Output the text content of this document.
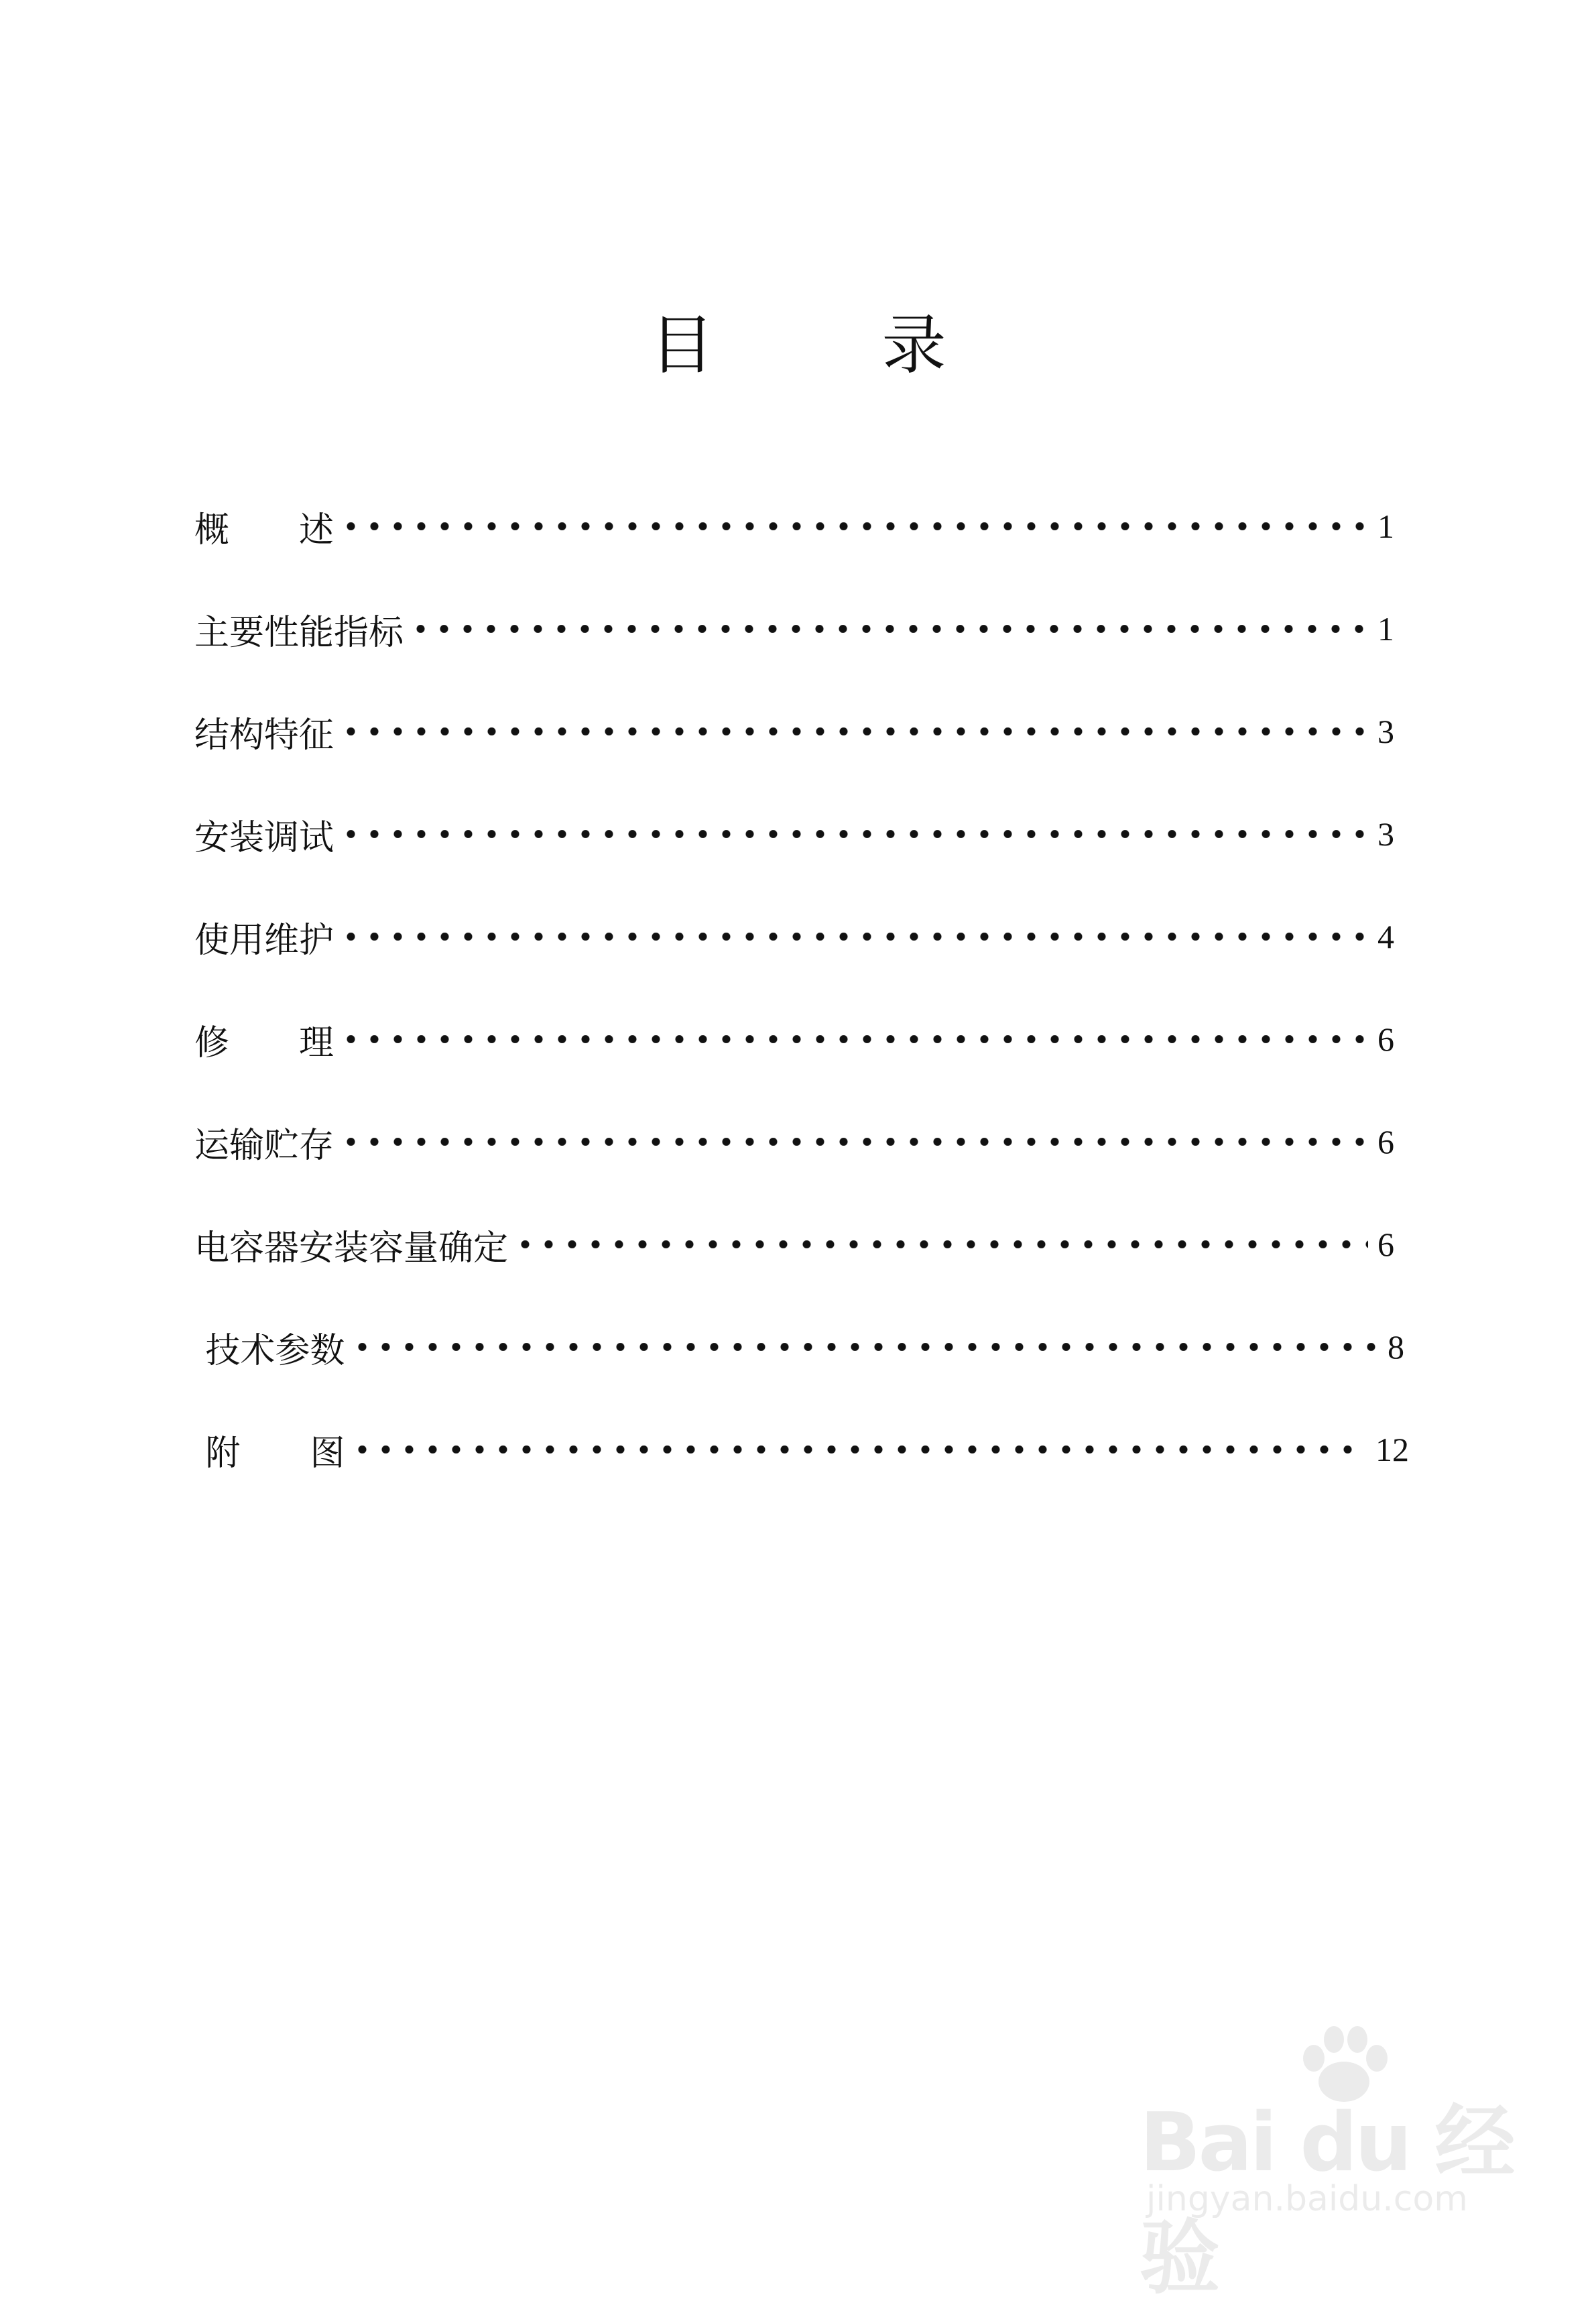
目	录
概　　述	1
主要性能指标	1
结构特征	3
安装调试	3
使用维护	4
修　　理	6
运输贮存	6
电容器安装容量确定	6
技术参数	8
附　　图	12
Bai du 经验
jingyan.baidu.com
